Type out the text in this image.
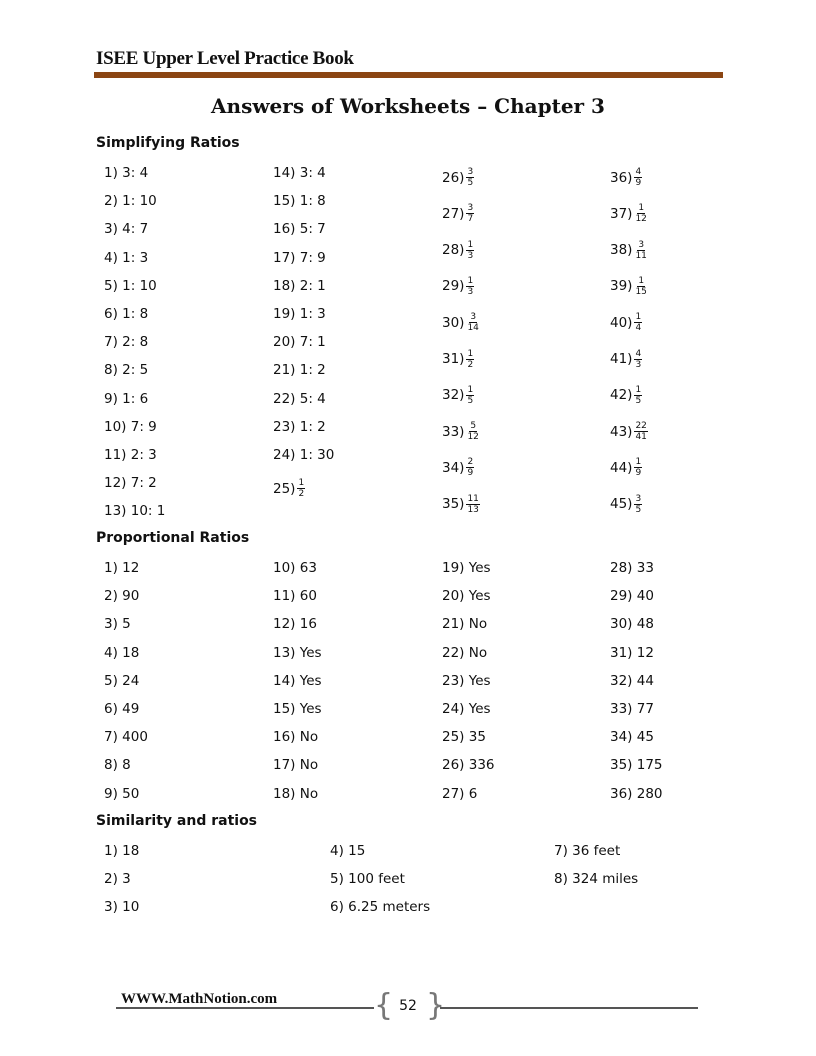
ISEE Upper Level Practice Book
Answers of Worksheets – Chapter 3
Simplifying Ratios
1) 3: 4
2) 1: 10
3) 4: 7
4) 1: 3
5) 1: 10
6) 1: 8
7) 2: 8
8) 2: 5
9) 1: 6
10) 7: 9
11) 2: 3
12) 7: 2
13) 10: 1
14) 3: 4
15) 1: 8
16) 5: 7
17) 7: 9
18) 2: 1
19) 1: 3
20) 7: 1
21) 1: 2
22) 5: 4
23) 1: 2
24) 1: 30
$25) \frac{1}{2}$
$26) \frac{3}{5}$
$27) \frac{3}{7}$
$28) \frac{1}{3}$
$29) \frac{1}{3}$
$30) \frac{3}{14}$
$31) \frac{1}{2}$
$32) \frac{1}{5}$
$33) \frac{5}{12}$
$34) \frac{2}{9}$
$35) \frac{11}{13}$
$36) \frac{4}{9}$
$37) \frac{1}{12}$
$38) \frac{3}{11}$
$39) \frac{1}{15}$
$40) \frac{1}{4}$
$41) \frac{4}{3}$
$42) \frac{1}{5}$
$43) \frac{22}{41}$
$44) \frac{1}{9}$
$45) \frac{3}{5}$
Proportional Ratios
1) 12
2) 90
3) 5
4) 18
5) 24
6) 49
7) 400
8) 8
9) 50
10) 63
11) 60
12) 16
13) Yes
14) Yes
15) Yes
16) No
17) No
18) No
19) Yes
20) Yes
21) No
22) No
23) Yes
24) Yes
25) 35
26) 336
27) 6
28) 33
29) 40
30) 48
31) 12
32) 44
33) 77
34) 45
35) 175
36) 280
Similarity and ratios
1) 18
2) 3
3) 10
4) 15
5) 100 feet
6) 6.25 meters
7) 36 feet
8) 324 miles
WWW.MathNotion.com	{ }
52
